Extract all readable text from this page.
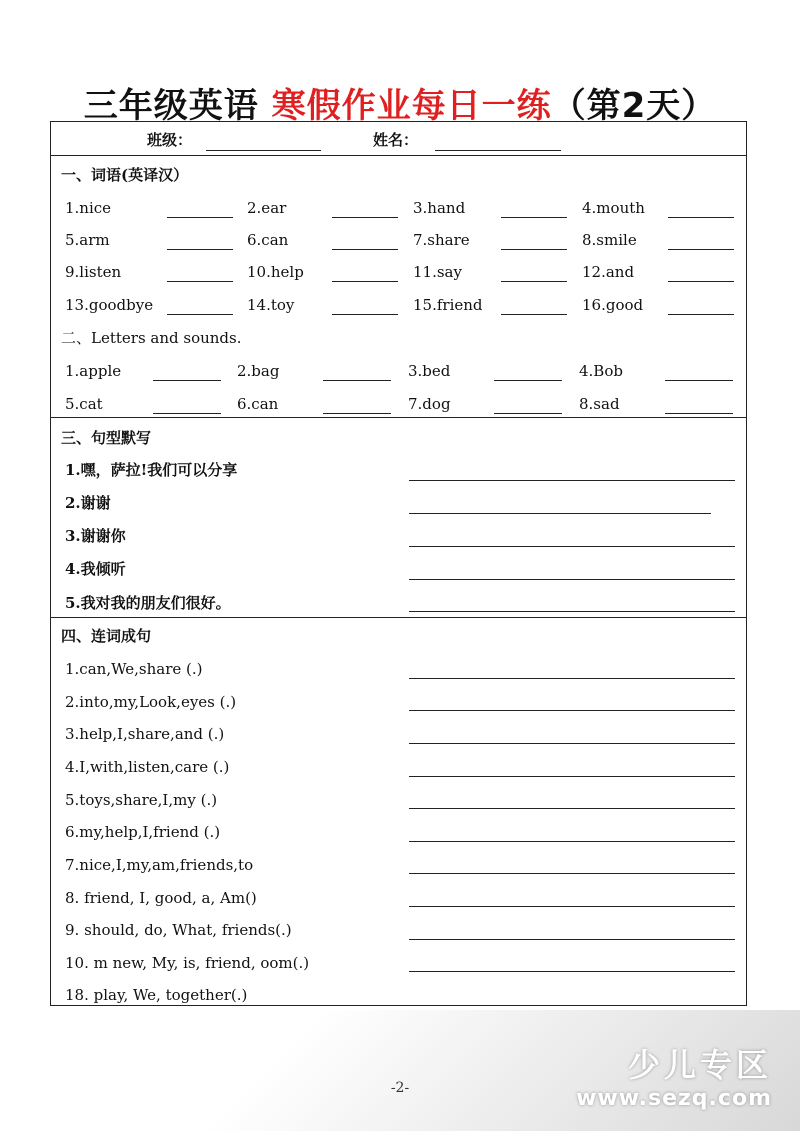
三年级英语 寒假作业每日一练（第2天）
班级：	姓名：
一、词语(英译汉）
1.nice	2.ear	3.hand	4.mouth
5.arm	6.can	7.share	8.smile
9.listen	10.help	11.say	12.and
13.goodbye	14.toy	15.friend	16.good
二、Letters and sounds.
1.apple	2.bag	3.bed	4.Bob
5.cat	6.can	7.dog	8.sad
三、句型默写
1.嘿，萨拉!我们可以分享
2.谢谢
3.谢谢你
4.我倾听
5.我对我的朋友们很好。
四、连词成句
1.can,We,share (.)
2.into,my,Look,eyes (.)
3.help,I,share,and (.)
4.I,with,listen,care (.)
5.toys,share,I,my (.)
6.my,help,I,friend (.)
7.nice,I,my,am,friends,to
8. friend, I, good, a, Am()
9. should, do, What, friends(.)
10. m new, My, is, friend, oom(.)
18. play, We, together(.)
-2-
少儿专区
www.sezq.com
